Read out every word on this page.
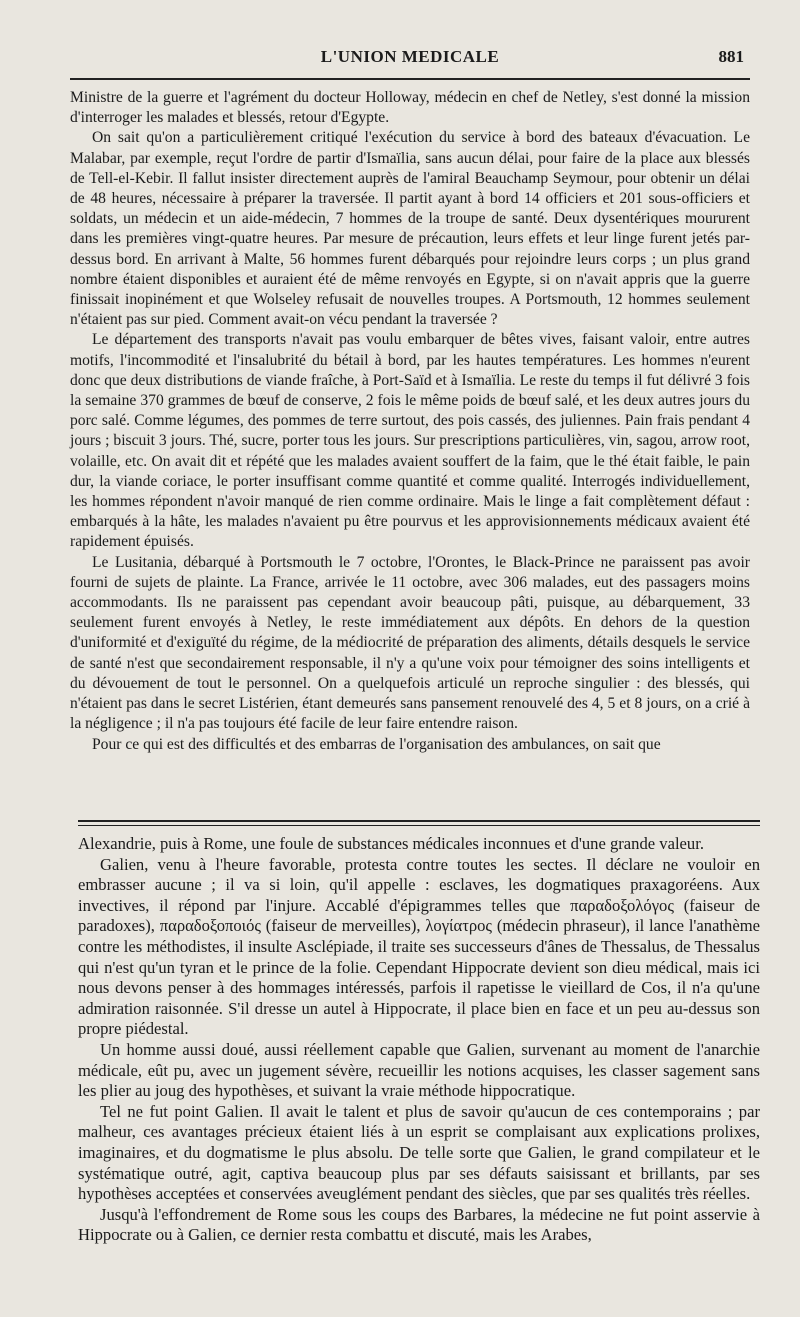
L'UNION MEDICALE	881

Ministre de la guerre et l'agrément du docteur Holloway, médecin en chef de Netley, s'est donné la mission d'interroger les malades et blessés, retour d'Egypte.

On sait qu'on a particulièrement critiqué l'exécution du service à bord des bateaux d'évacuation. Le Malabar, par exemple, reçut l'ordre de partir d'Ismaïlia, sans aucun délai, pour faire de la place aux blessés de Tell-el-Kebir. Il fallut insister directement auprès de l'amiral Beauchamp Seymour, pour obtenir un délai de 48 heures, nécessaire à préparer la traversée. Il partit ayant à bord 14 officiers et 201 sous-officiers et soldats, un médecin et un aide-médecin, 7 hommes de la troupe de santé. Deux dysentériques moururent dans les premières vingt-quatre heures. Par mesure de précaution, leurs effets et leur linge furent jetés par-dessus bord. En arrivant à Malte, 56 hommes furent débarqués pour rejoindre leurs corps ; un plus grand nombre étaient disponibles et auraient été de même renvoyés en Egypte, si on n'avait appris que la guerre finissait inopinément et que Wolseley refusait de nouvelles troupes. A Portsmouth, 12 hommes seulement n'étaient pas sur pied. Comment avait-on vécu pendant la traversée ?

Le département des transports n'avait pas voulu embarquer de bêtes vives, faisant valoir, entre autres motifs, l'incommodité et l'insalubrité du bétail à bord, par les hautes températures. Les hommes n'eurent donc que deux distributions de viande fraîche, à Port-Saïd et à Ismaïlia. Le reste du temps il fut délivré 3 fois la semaine 370 grammes de bœuf de conserve, 2 fois le même poids de bœuf salé, et les deux autres jours du porc salé. Comme légumes, des pommes de terre surtout, des pois cassés, des juliennes. Pain frais pendant 4 jours ; biscuit 3 jours. Thé, sucre, porter tous les jours. Sur prescriptions particulières, vin, sagou, arrow root, volaille, etc. On avait dit et répété que les malades avaient souffert de la faim, que le thé était faible, le pain dur, la viande coriace, le porter insuffisant comme quantité et comme qualité. Interrogés individuellement, les hommes répondent n'avoir manqué de rien comme ordinaire. Mais le linge a fait complètement défaut : embarqués à la hâte, les malades n'avaient pu être pourvus et les approvisionnements médicaux avaient été rapidement épuisés.

Le Lusitania, débarqué à Portsmouth le 7 octobre, l'Orontes, le Black-Prince ne paraissent pas avoir fourni de sujets de plainte. La France, arrivée le 11 octobre, avec 306 malades, eut des passagers moins accommodants. Ils ne paraissent pas cependant avoir beaucoup pâti, puisque, au débarquement, 33 seulement furent envoyés à Netley, le reste immédiatement aux dépôts. En dehors de la question d'uniformité et d'exiguïté du régime, de la médiocrité de préparation des aliments, détails desquels le service de santé n'est que secondairement responsable, il n'y a qu'une voix pour témoigner des soins intelligents et du dévouement de tout le personnel. On a quelquefois articulé un reproche singulier : des blessés, qui n'étaient pas dans le secret Listérien, étant demeurés sans pansement renouvelé des 4, 5 et 8 jours, on a crié à la négligence ; il n'a pas toujours été facile de leur faire entendre raison.

Pour ce qui est des difficultés et des embarras de l'organisation des ambulances, on sait que

Alexandrie, puis à Rome, une foule de substances médicales inconnues et d'une grande valeur.

Galien, venu à l'heure favorable, protesta contre toutes les sectes. Il déclare ne vouloir en embrasser aucune ; il va si loin, qu'il appelle : esclaves, les dogmatiques praxagoréens. Aux invectives, il répond par l'injure. Accablé d'épigrammes telles que παραδοξολόγος (faiseur de paradoxes), παραδοξοποιός (faiseur de merveilles), λογίατρος (médecin phraseur), il lance l'anathème contre les méthodistes, il insulte Asclépiade, il traite ses successeurs d'ânes de Thessalus, de Thessalus qui n'est qu'un tyran et le prince de la folie. Cependant Hippocrate devient son dieu médical, mais ici nous devons penser à des hommages intéressés, parfois il rapetisse le vieillard de Cos, il n'a qu'une admiration raisonnée. S'il dresse un autel à Hippocrate, il place bien en face et un peu au-dessus son propre piédestal.

Un homme aussi doué, aussi réellement capable que Galien, survenant au moment de l'anarchie médicale, eût pu, avec un jugement sévère, recueillir les notions acquises, les classer sagement sans les plier au joug des hypothèses, et suivant la vraie méthode hippocratique.

Tel ne fut point Galien. Il avait le talent et plus de savoir qu'aucun de ces contemporains ; par malheur, ces avantages précieux étaient liés à un esprit se complaisant aux explications prolixes, imaginaires, et du dogmatisme le plus absolu. De telle sorte que Galien, le grand compilateur et le systématique outré, agit, captiva beaucoup plus par ses défauts saisissant et brillants, par ses hypothèses acceptées et conservées aveuglément pendant des siècles, que par ses qualités très réelles.

Jusqu'à l'effondrement de Rome sous les coups des Barbares, la médecine ne fut point asservie à Hippocrate ou à Galien, ce dernier resta combattu et discuté, mais les Arabes,
